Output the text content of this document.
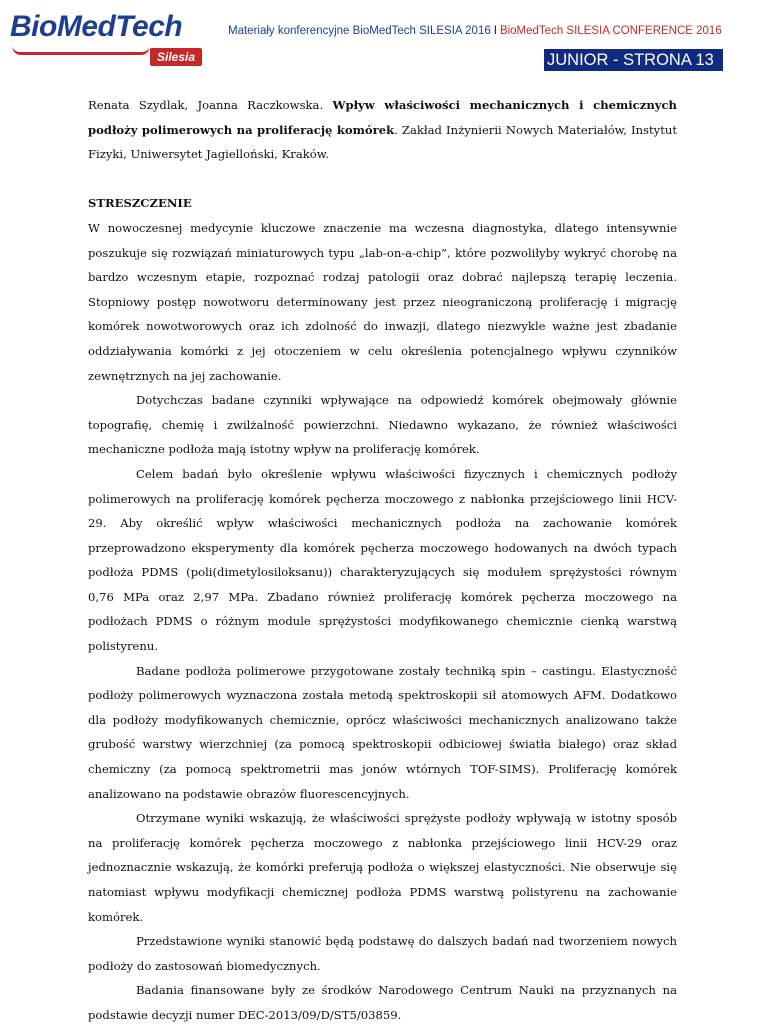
BioMedTech
Silesia
Materiały konferencyjne BioMedTech SILESIA 2016 I BioMedTech SILESIA CONFERENCE 2016
JUNIOR - STRONA 13

Renata Szydlak, Joanna Raczkowska. Wpływ właściwości mechanicznych i chemicznych podłoży polimerowych na proliferację komórek. Zakład Inżynierii Nowych Materiałów, Instytut Fizyki, Uniwersytet Jagielloński, Kraków.

STRESZCZENIE

W nowoczesnej medycynie kluczowe znaczenie ma wczesna diagnostyka, dlatego intensywnie poszukuje się rozwiązań miniaturowych typu „lab-on-a-chip”, które pozwoliłyby wykryć chorobę na bardzo wczesnym etapie, rozpoznać rodzaj patologii oraz dobrać najlepszą terapię leczenia. Stopniowy postęp nowotworu determinowany jest przez nieograniczoną proliferację i migrację komórek nowotworowych oraz ich zdolność do inwazji, dlatego niezwykle ważne jest zbadanie oddziaływania komórki z jej otoczeniem w celu określenia potencjalnego wpływu czynników zewnętrznych na jej zachowanie.

Dotychczas badane czynniki wpływające na odpowiedź komórek obejmowały głównie topografię, chemię i zwilżalność powierzchni. Niedawno wykazano, że również właściwości mechaniczne podłoża mają istotny wpływ na proliferację komórek.

Celem badań było określenie wpływu właściwości fizycznych i chemicznych podłoży polimerowych na proliferację komórek pęcherza moczowego z nabłonka przejściowego linii HCV-29. Aby określić wpływ właściwości mechanicznych podłoża na zachowanie komórek przeprowadzono eksperymenty dla komórek pęcherza moczowego hodowanych na dwóch typach podłoża PDMS (poli(dimetylosiloksanu)) charakteryzujących się modułem sprężystości równym 0,76 MPa oraz 2,97 MPa. Zbadano również proliferację komórek pęcherza moczowego na podłożach PDMS o różnym module sprężystości modyfikowanego chemicznie cienką warstwą polistyrenu.

Badane podłoża polimerowe przygotowane zostały techniką spin – castingu. Elastyczność podłoży polimerowych wyznaczona została metodą spektroskopii sił atomowych AFM. Dodatkowo dla podłoży modyfikowanych chemicznie, oprócz właściwości mechanicznych analizowano także grubość warstwy wierzchniej (za pomocą spektroskopii odbiciowej światła białego) oraz skład chemiczny (za pomocą spektrometrii mas jonów wtórnych TOF-SIMS). Proliferację komórek analizowano na podstawie obrazów fluorescencyjnych.

Otrzymane wyniki wskazują, że właściwości sprężyste podłoży wpływają w istotny sposób na proliferację komórek pęcherza moczowego z nabłonka przejściowego linii HCV-29 oraz jednoznacznie wskazują, że komórki preferują podłoża o większej elastyczności. Nie obserwuje się natomiast wpływu modyfikacji chemicznej podłoża PDMS warstwą polistyrenu na zachowanie komórek.

Przedstawione wyniki stanowić będą podstawę do dalszych badań nad tworzeniem nowych podłoży do zastosowań biomedycznych.

Badania finansowane były ze środków Narodowego Centrum Nauki na przyznanych na podstawie decyzji numer DEC-2013/09/D/ST5/03859.
